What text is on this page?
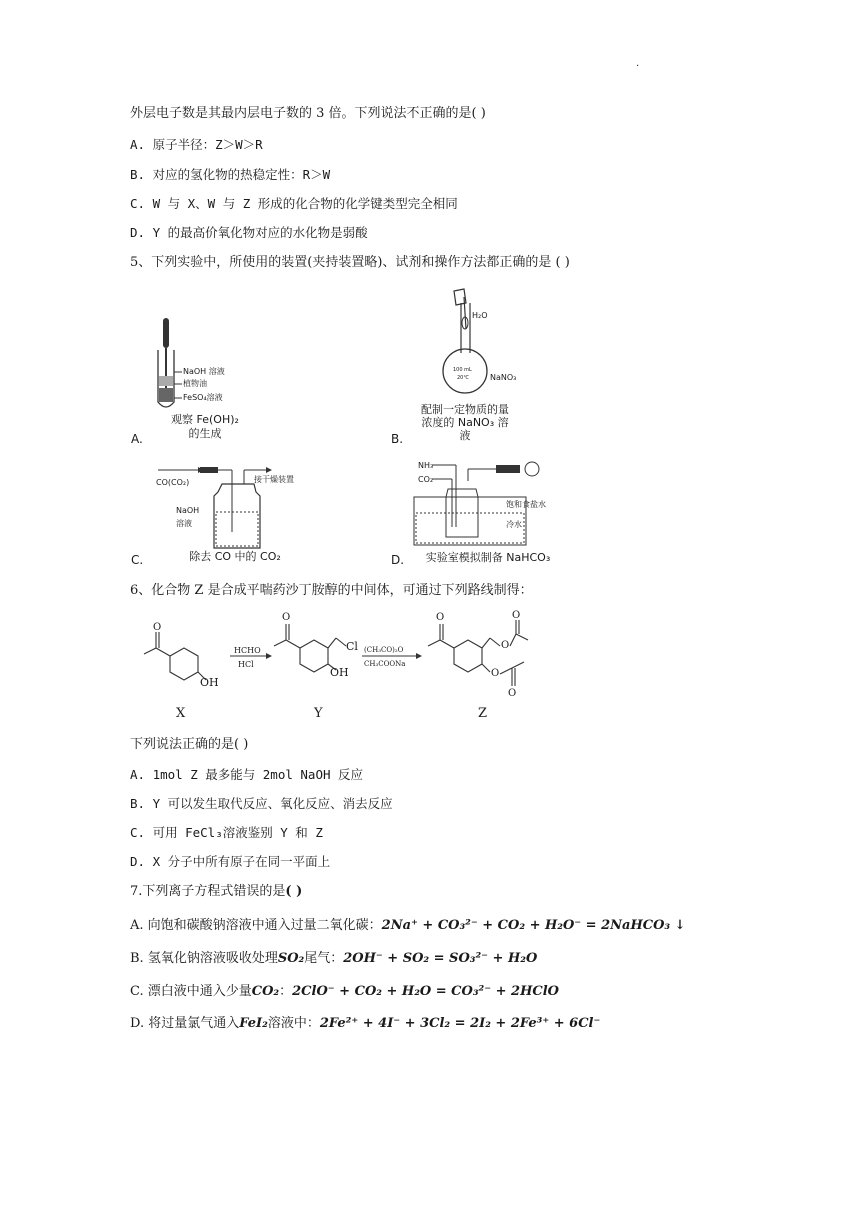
.
外层电子数是其最内层电子数的 3 倍。下列说法不正确的是( )
A. 原子半径：Z＞W＞R
B. 对应的氢化物的热稳定性：R＞W
C. W 与 X、W 与 Z 形成的化合物的化学键类型完全相同
D. Y 的最高价氧化物对应的水化物是弱酸
5、下列实验中，所使用的装置(夹持装置略)、试剂和操作方法都正确的是 ( )
NaOH 溶液
植物油
FeSO₄溶液
观察 Fe(OH)₂
的生成
A.
H₂O
NaNO₃
100 mL
20℃
配制一定物质的量
浓度的 NaNO₃ 溶
液
B.
CO(CO₂)	接干燥装置
NaOH
溶液
除去 CO 中的 CO₂
C.
NH₃
CO₂
饱和食盐水
冷水
实验室模拟制备 NaHCO₃
D.
6、化合物 Z 是合成平喘药沙丁胺醇的中间体，可通过下列路线制得：
O
OH
O
Cl
OH
O
O
O
O
O
HCHO
HCl
(CH₃CO)₂O
CH₃COONa
X	Y	Z
下列说法正确的是( )
A. 1mol Z 最多能与 2mol NaOH 反应
B. Y 可以发生取代反应、氧化反应、消去反应
C. 可用 FeCl₃溶液鉴别 Y 和 Z
D. X 分子中所有原子在同一平面上
7.下列离子方程式错误的是( )
A. 向饱和碳酸钠溶液中通入过量二氧化碳：2Na⁺ + CO₃²⁻ + CO₂ + H₂O⁻ = 2NaHCO₃ ↓
B. 氢氧化钠溶液吸收处理SO₂尾气：2OH⁻ + SO₂ = SO₃²⁻ + H₂O
C. 漂白液中通入少量CO₂：2ClO⁻ + CO₂ + H₂O = CO₃²⁻ + 2HClO
D. 将过量氯气通入FeI₂溶液中：2Fe²⁺ + 4I⁻ + 3Cl₂ = 2I₂ + 2Fe³⁺ + 6Cl⁻
